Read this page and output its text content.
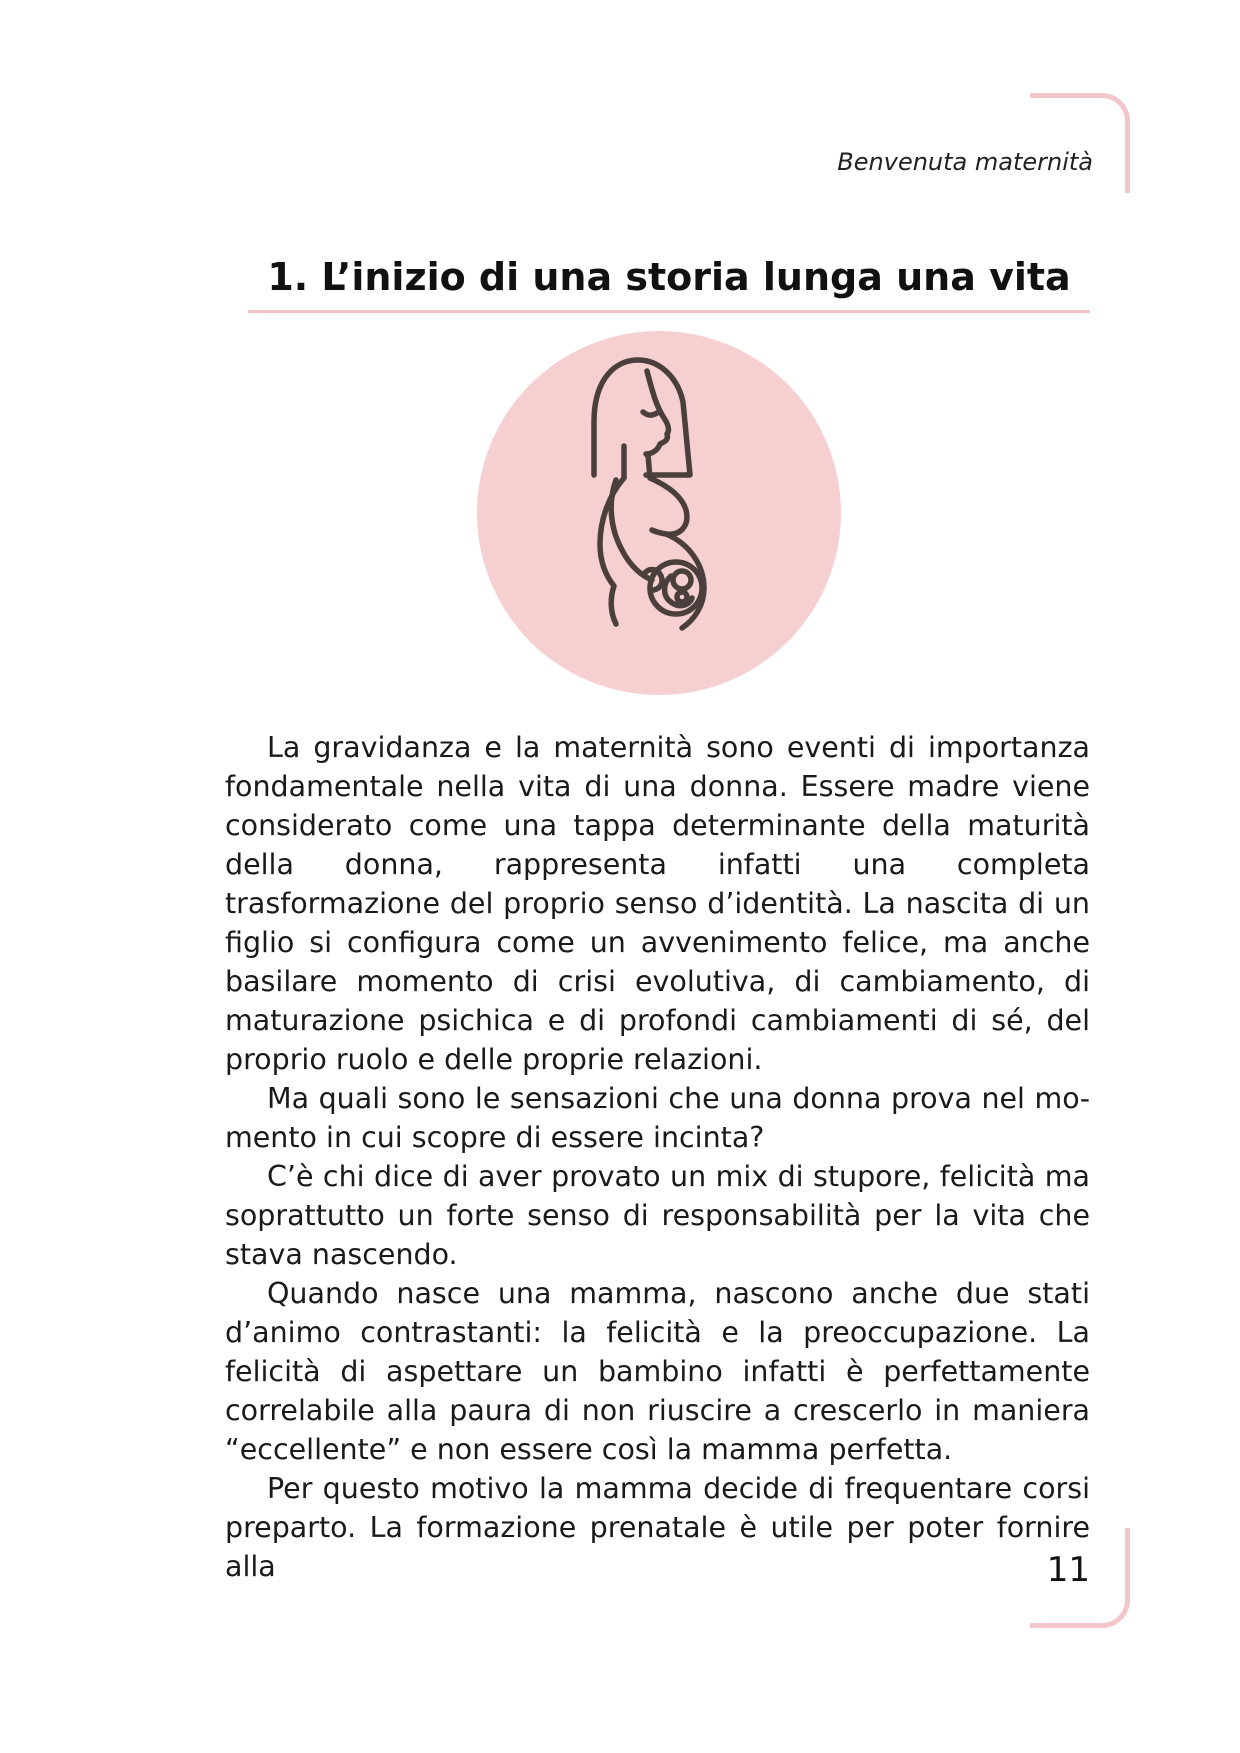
Benvenuta maternità
1. L’inizio di una storia lunga una vita

La gravidanza e la maternità sono eventi di importanza fondamentale nella vita di una donna. Essere madre viene considerato come una tappa determinante della maturità della donna, rappresenta infatti una completa trasformazione del proprio senso d’identità. La nascita di un figlio si configura come un avvenimento felice, ma anche basilare momento di crisi evolutiva, di cambiamento, di maturazione psichica e di profondi cambiamenti di sé, del proprio ruolo e delle proprie relazioni.

Ma quali sono le sensazioni che una donna prova nel momento in cui scopre di essere incinta?

C’è chi dice di aver provato un mix di stupore, felicità ma soprattutto un forte senso di responsabilità per la vita che stava nascendo.

Quando nasce una mamma, nascono anche due stati d’animo contrastanti: la felicità e la preoccupazione. La felicità di aspettare un bambino infatti è perfettamente correlabile alla paura di non riuscire a crescerlo in maniera “eccellente” e non essere così la mamma perfetta.

Per questo motivo la mamma decide di frequentare corsi preparto. La formazione prenatale è utile per poter fornire alla	11
